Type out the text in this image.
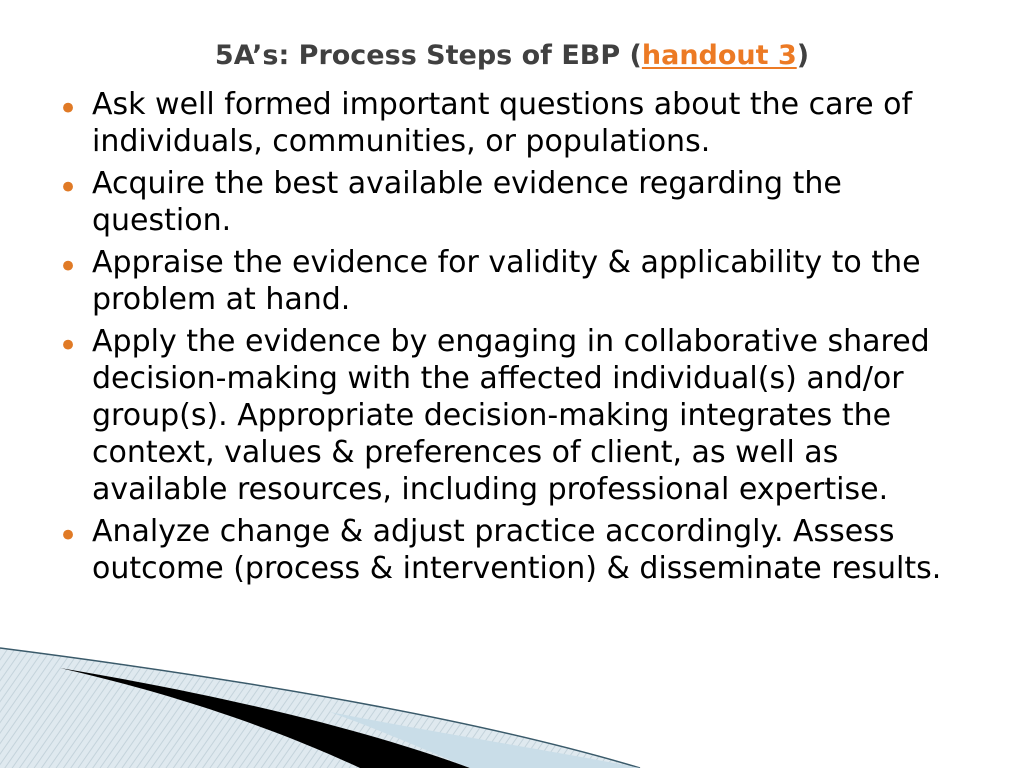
5A’s: Process Steps of EBP (handout 3)
• Ask well formed important questions about the care of individuals, communities, or populations.
• Acquire the best available evidence regarding the question.
• Appraise the evidence for validity & applicability to the problem at hand.
• Apply the evidence by engaging in collaborative shared decision-making with the affected individual(s) and/or group(s). Appropriate decision-making integrates the context, values & preferences of client, as well as available resources, including professional expertise.
• Analyze change & adjust practice accordingly. Assess outcome (process & intervention) & disseminate results.
